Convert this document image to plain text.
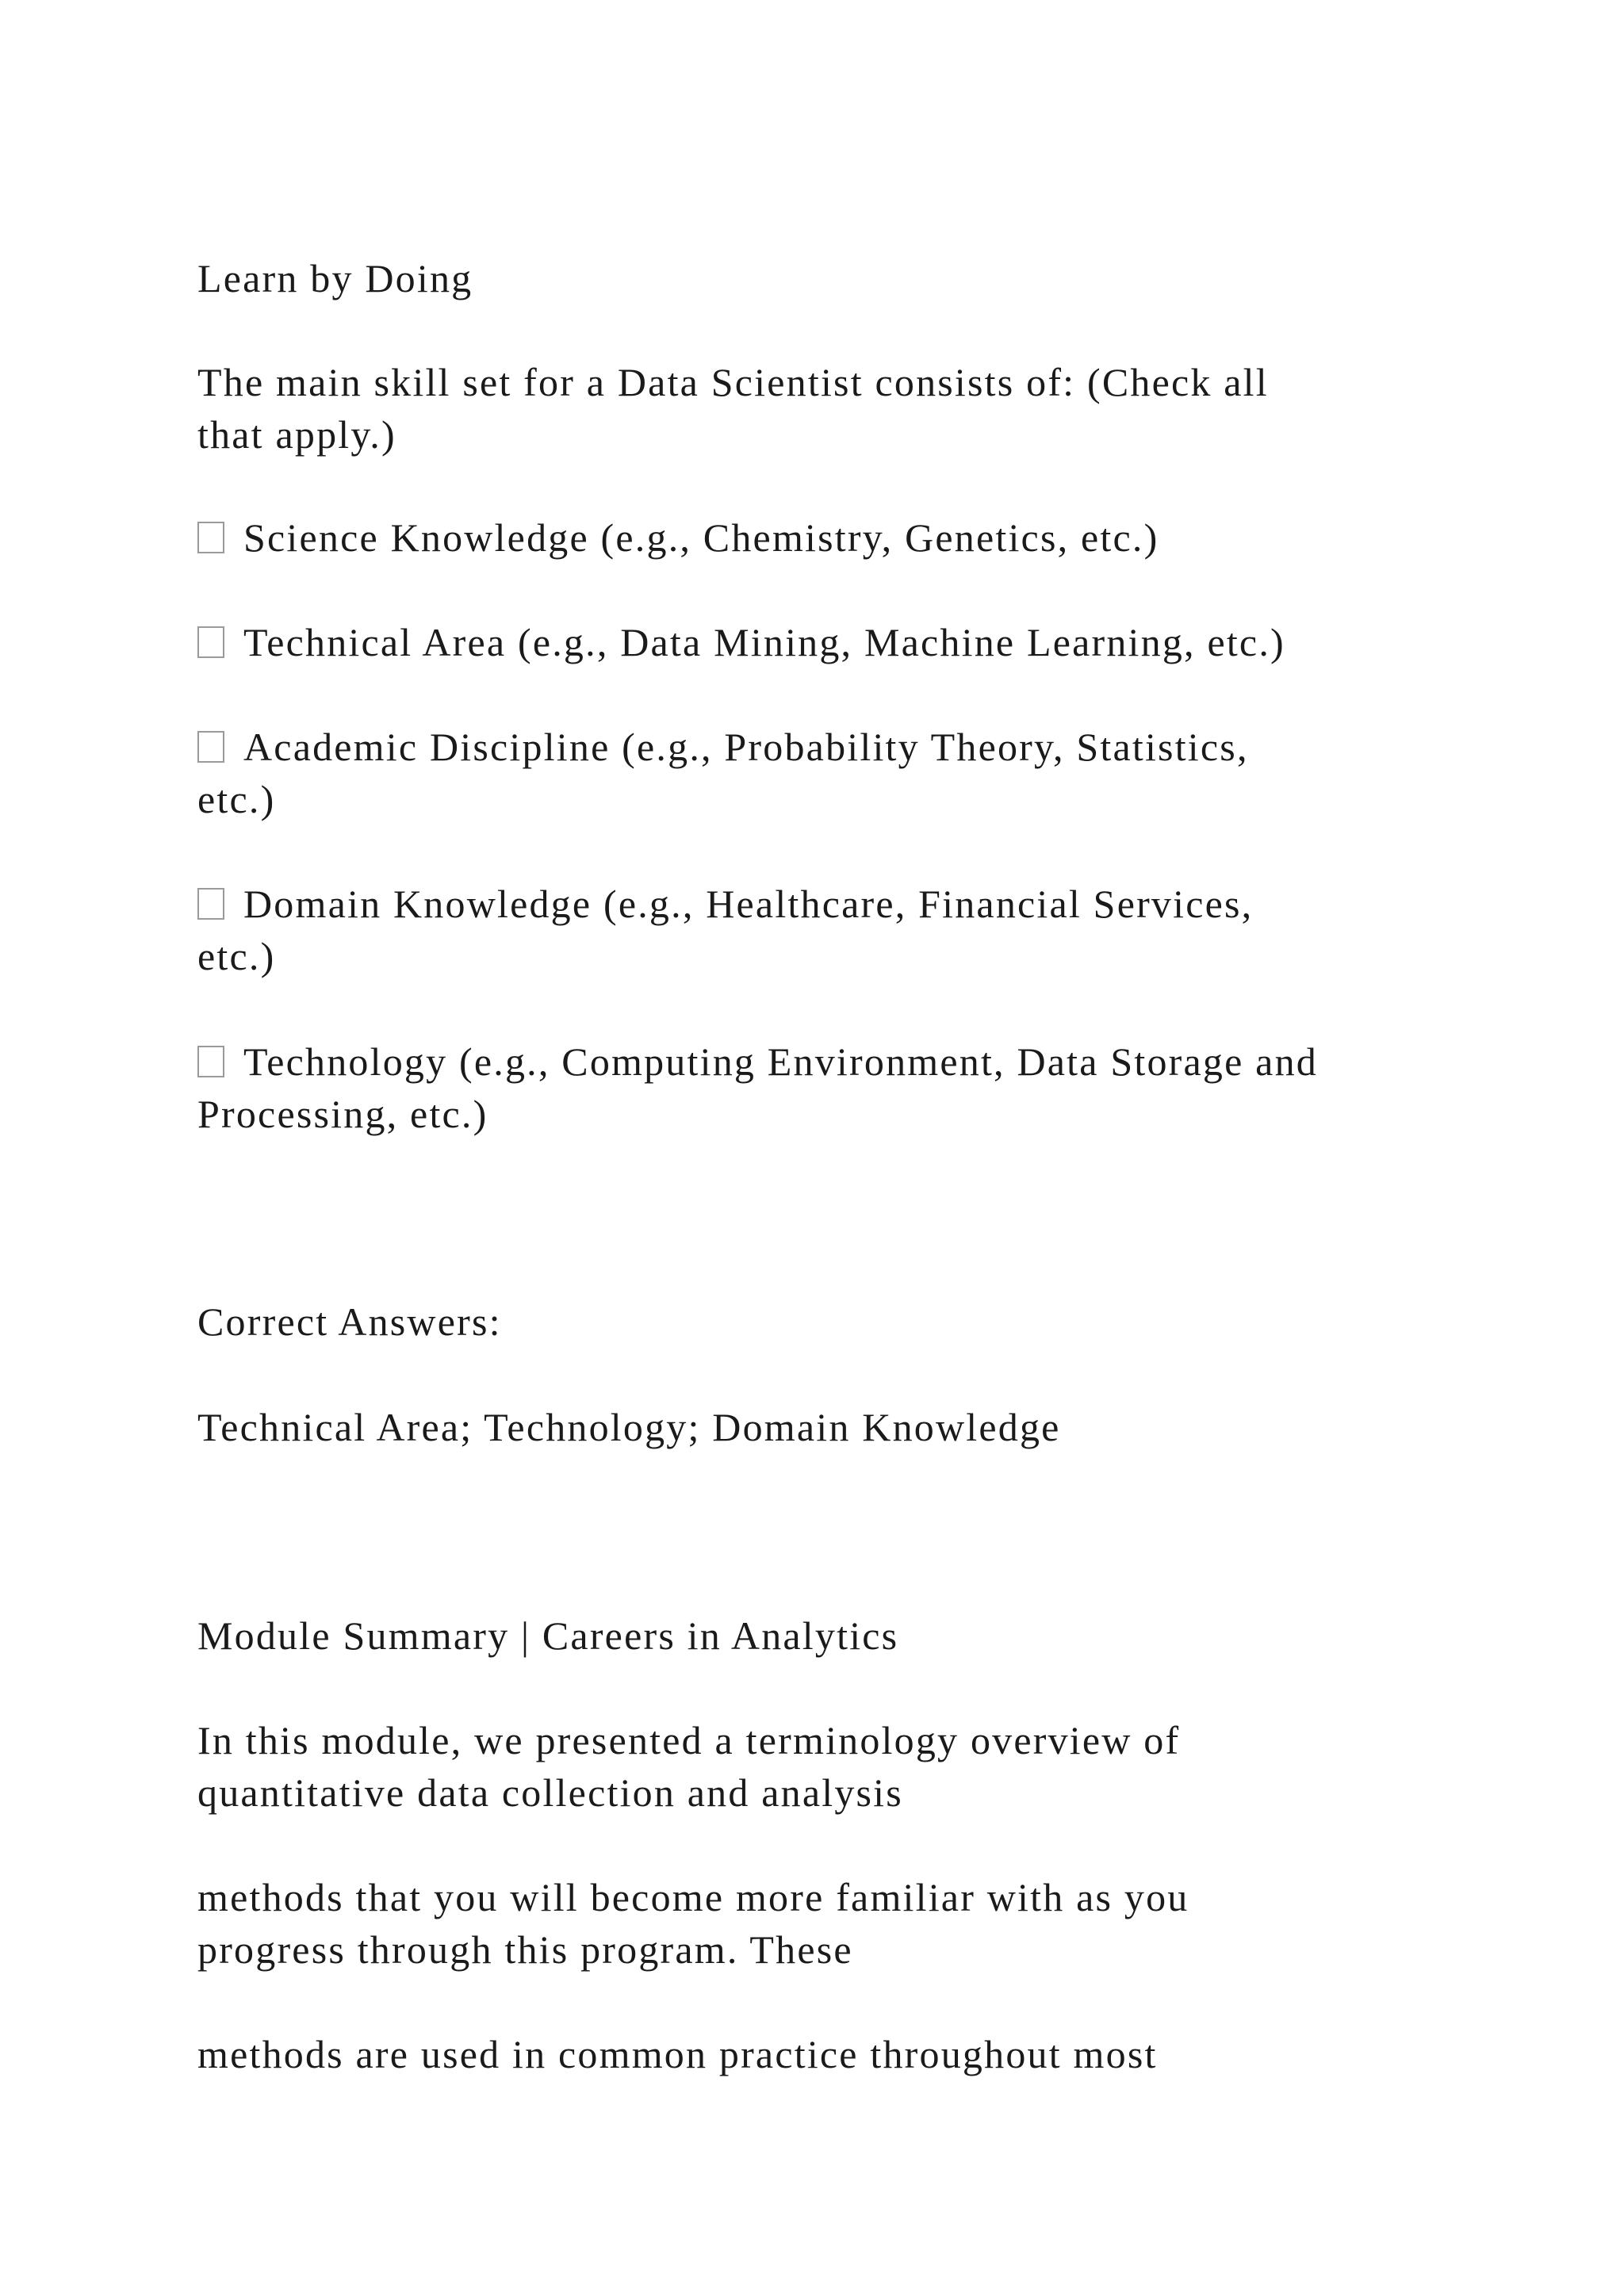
Learn by Doing

The main skill set for a Data Scientist consists of: (Check all
that apply.)

Science Knowledge (e.g., Chemistry, Genetics, etc.)

Technical Area (e.g., Data Mining, Machine Learning, etc.)

Academic Discipline (e.g., Probability Theory, Statistics,
etc.)

Domain Knowledge (e.g., Healthcare, Financial Services,
etc.)

Technology (e.g., Computing Environment, Data Storage and
Processing, etc.)

Correct Answers:

Technical Area; Technology; Domain Knowledge

Module Summary | Careers in Analytics

In this module, we presented a terminology overview of
quantitative data collection and analysis

methods that you will become more familiar with as you
progress through this program. These

methods are used in common practice throughout most
